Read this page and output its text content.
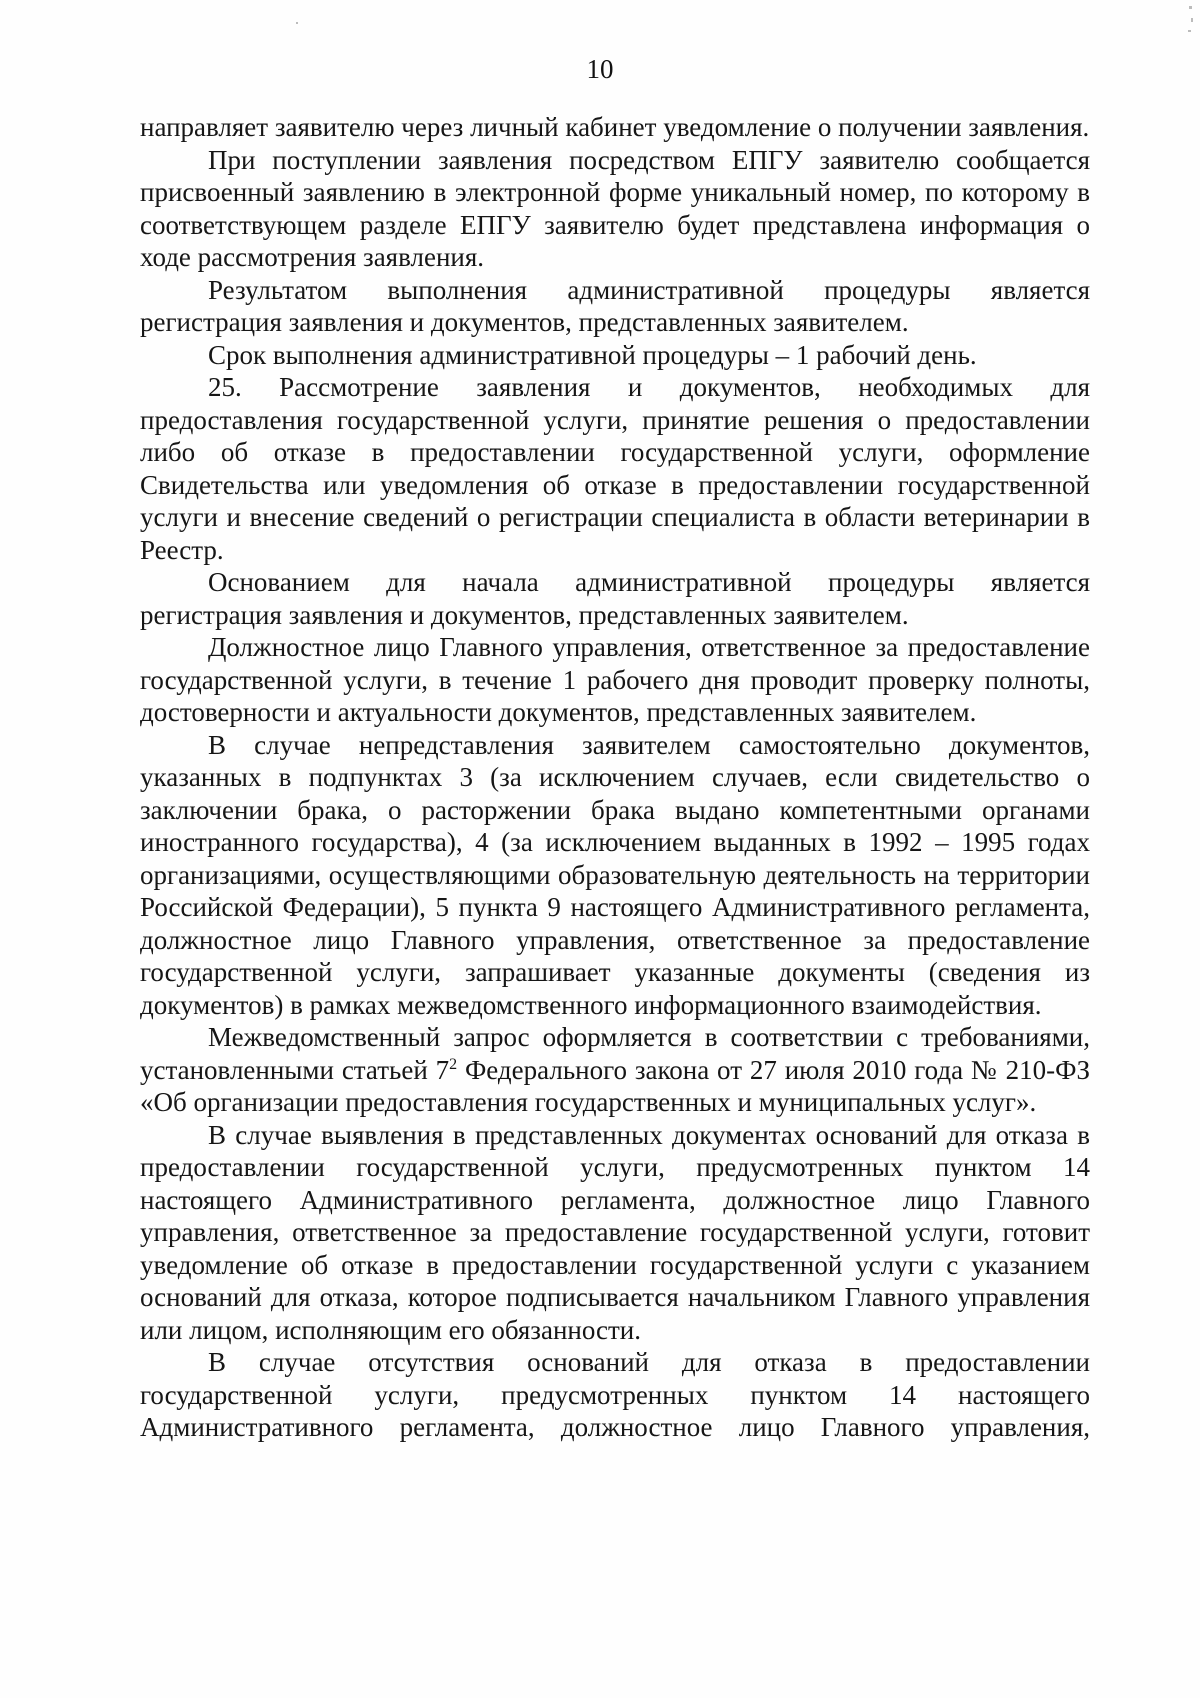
10

направляет заявителю через личный кабинет уведомление о получении заявления.

При поступлении заявления посредством ЕПГУ заявителю сообщается присвоенный заявлению в электронной форме уникальный номер, по которому в соответствующем разделе ЕПГУ заявителю будет представлена информация о ходе рассмотрения заявления.

Результатом выполнения административной процедуры является регистрация заявления и документов, представленных заявителем.

Срок выполнения административной процедуры – 1 рабочий день.

25. Рассмотрение заявления и документов, необходимых для предоставления государственной услуги, принятие решения о предоставлении либо об отказе в предоставлении государственной услуги, оформление Свидетельства или уведомления об отказе в предоставлении государственной услуги и внесение сведений о регистрации специалиста в области ветеринарии в Реестр.

Основанием для начала административной процедуры является регистрация заявления и документов, представленных заявителем.

Должностное лицо Главного управления, ответственное за предоставление государственной услуги, в течение 1 рабочего дня проводит проверку полноты, достоверности и актуальности документов, представленных заявителем.

В случае непредставления заявителем самостоятельно документов, указанных в подпунктах 3 (за исключением случаев, если свидетельство о заключении брака, о расторжении брака выдано компетентными органами иностранного государства), 4 (за исключением выданных в 1992 – 1995 годах организациями, осуществляющими образовательную деятельность на территории Российской Федерации), 5 пункта 9 настоящего Административного регламента, должностное лицо Главного управления, ответственное за предоставление государственной услуги, запрашивает указанные документы (сведения из документов) в рамках межведомственного информационного взаимодействия.

Межведомственный запрос оформляется в соответствии с требованиями, установленными статьей $7^2$ Федерального закона от 27 июля 2010 года № 210-ФЗ «Об организации предоставления государственных и муниципальных услуг».

В случае выявления в представленных документах оснований для отказа в предоставлении государственной услуги, предусмотренных пунктом 14 настоящего Административного регламента, должностное лицо Главного управления, ответственное за предоставление государственной услуги, готовит уведомление об отказе в предоставлении государственной услуги с указанием оснований для отказа, которое подписывается начальником Главного управления или лицом, исполняющим его обязанности.

В случае отсутствия оснований для отказа в предоставлении государственной услуги, предусмотренных пунктом 14 настоящего Административного регламента, должностное лицо Главного управления,
